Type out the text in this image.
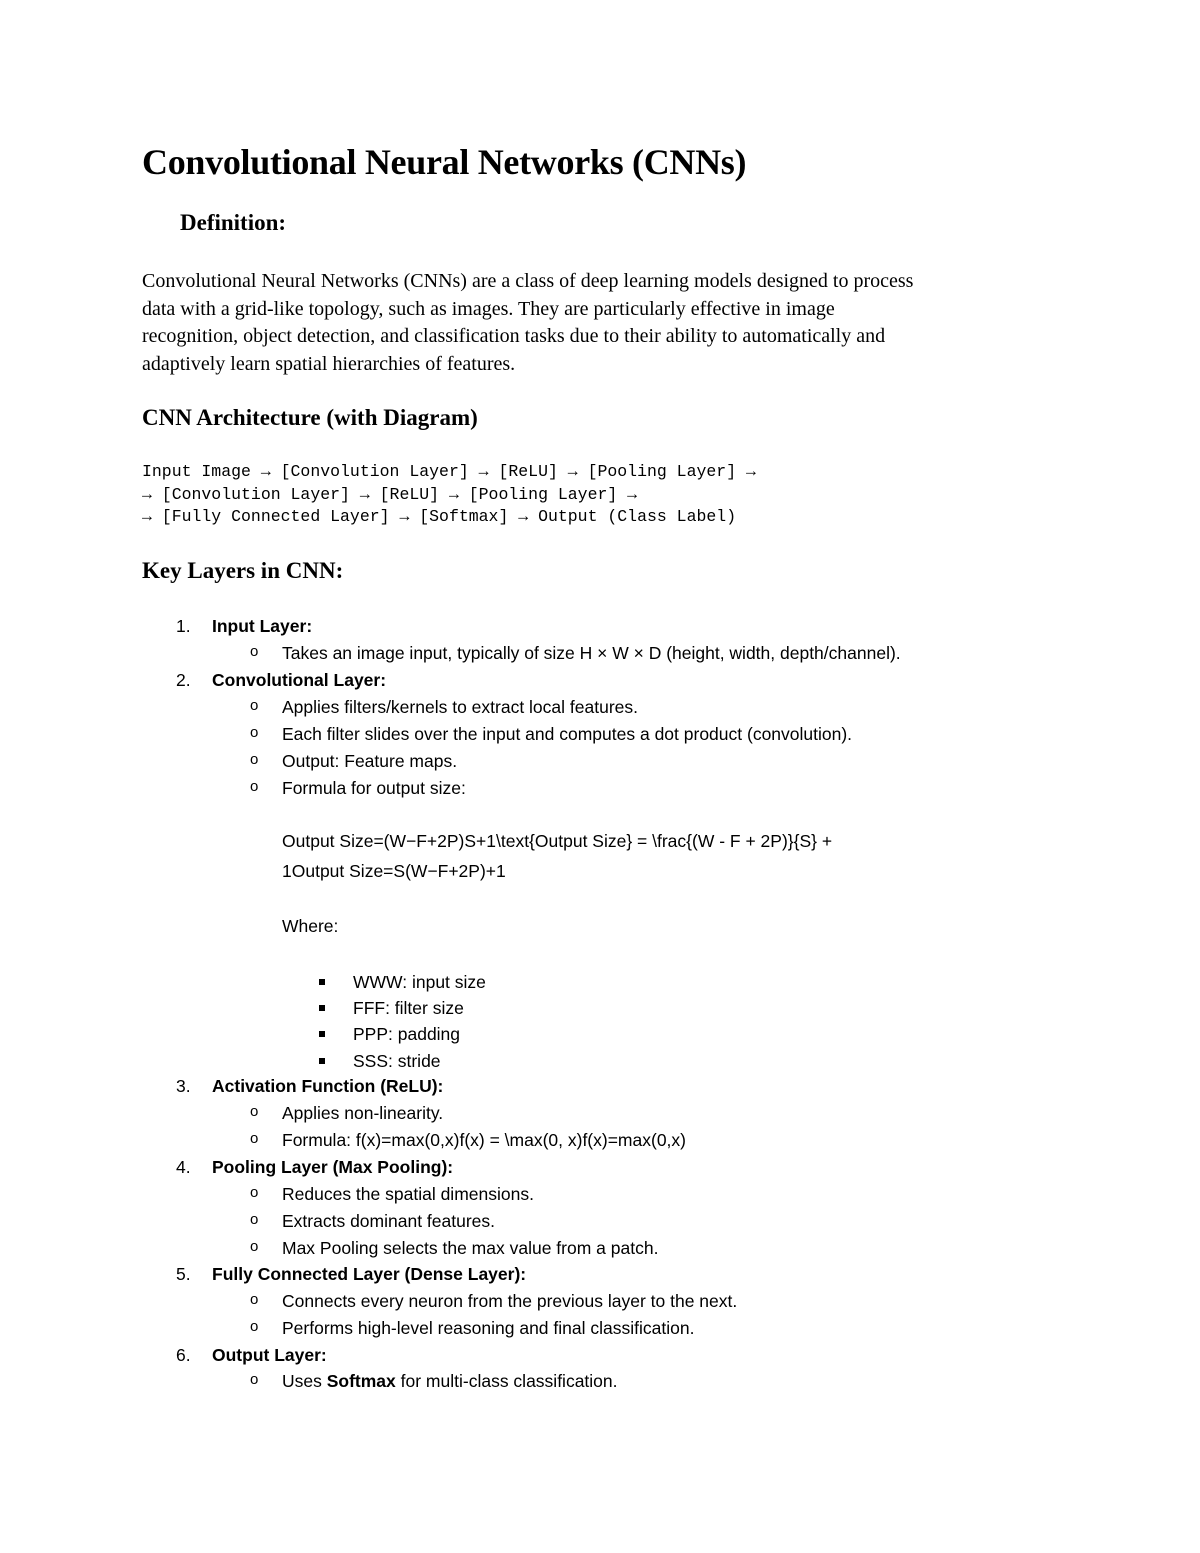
Convolutional Neural Networks (CNNs)
Definition:
Convolutional Neural Networks (CNNs) are a class of deep learning models designed to process
data with a grid-like topology, such as images. They are particularly effective in image
recognition, object detection, and classification tasks due to their ability to automatically and
adaptively learn spatial hierarchies of features.
CNN Architecture (with Diagram)
Input Image → [Convolution Layer] → [ReLU] → [Pooling Layer] →
→ [Convolution Layer] → [ReLU] → [Pooling Layer] →
→ [Fully Connected Layer] → [Softmax] → Output (Class Label)
Key Layers in CNN:
1.	Input Layer:
o Takes an image input, typically of size H × W × D (height, width, depth/channel).
2.	Convolutional Layer:
o Applies filters/kernels to extract local features.
o Each filter slides over the input and computes a dot product (convolution).
o Output: Feature maps.
o Formula for output size:
Output Size=(W−F+2P)S+1\text{Output Size} = \frac{(W - F + 2P)}{S} +
1Output Size=S(W−F+2P)+1
Where:
WWW: input size
FFF: filter size
PPP: padding
SSS: stride
3.	Activation Function (ReLU):
o Applies non-linearity.
o Formula: f(x)=max(0,x)f(x) = \max(0, x)f(x)=max(0,x)
4.	Pooling Layer (Max Pooling):
o Reduces the spatial dimensions.
o Extracts dominant features.
o Max Pooling selects the max value from a patch.
5.	Fully Connected Layer (Dense Layer):
o Connects every neuron from the previous layer to the next.
o Performs high-level reasoning and final classification.
6.	Output Layer:
o Uses Softmax for multi-class classification.
